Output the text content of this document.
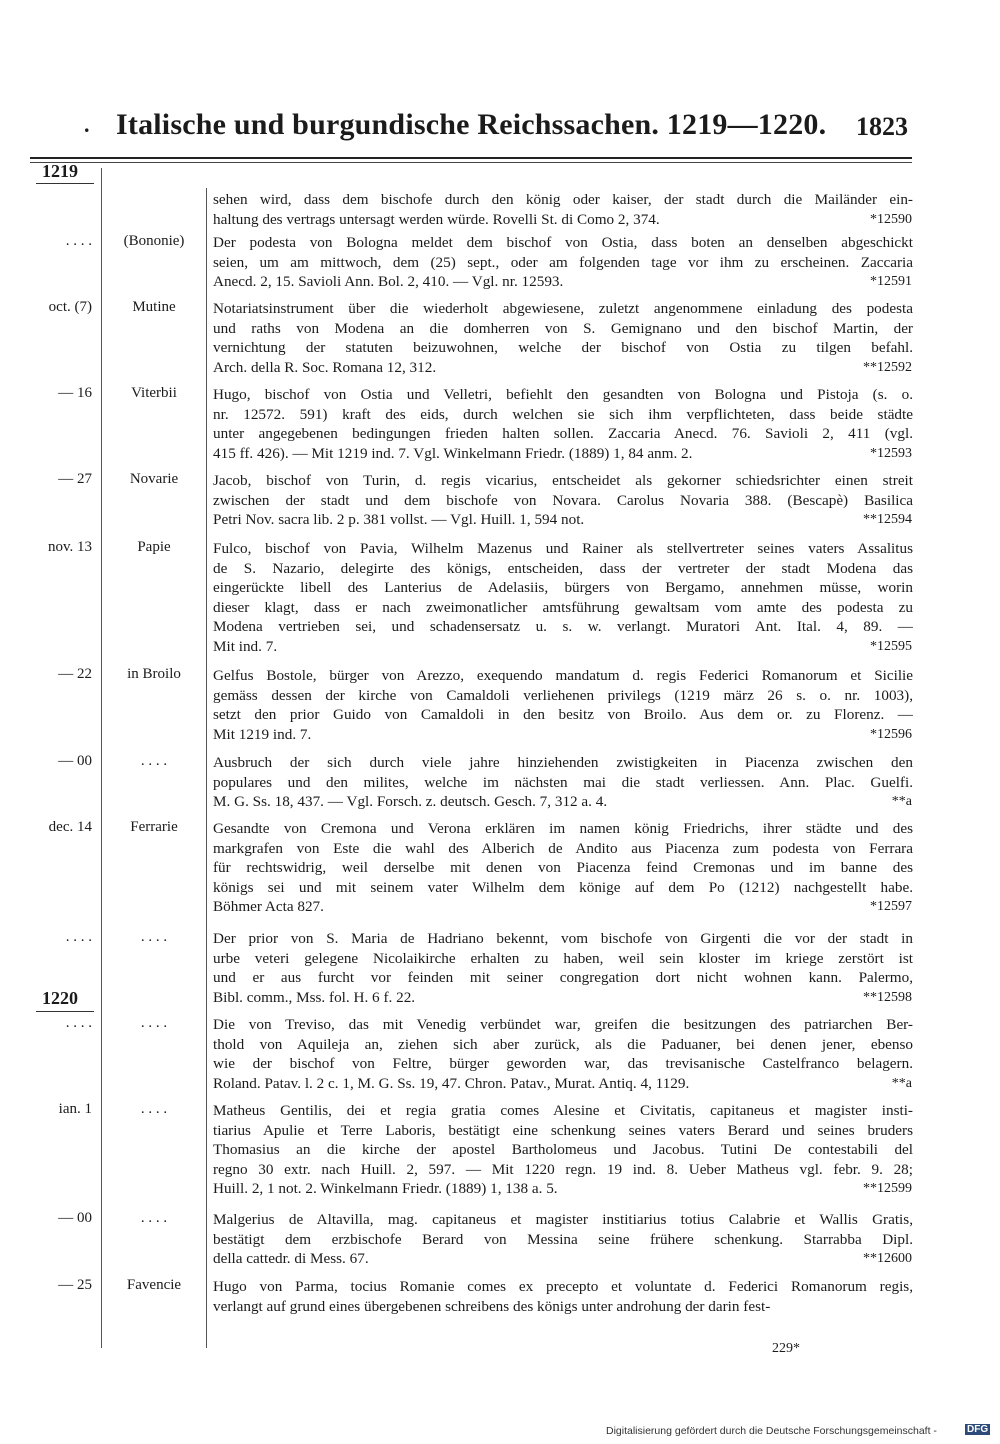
. Italische und burgundische Reichssachen. 1219—1220.	1823
1219
1220
sehen wird, dass dem bischofe durch den könig oder kaiser, der stadt durch die Mailänder ein-
haltung des vertrags untersagt werden würde. Rovelli St. di Como 2, 374.	*12590
. . . .	(Bononie)	Der podesta von Bologna meldet dem bischof von Ostia, dass boten an denselben abgeschickt
seien, um am mittwoch, dem (25) sept., oder am folgenden tage vor ihm zu erscheinen. Zaccaria
Anecd. 2, 15. Savioli Ann. Bol. 2, 410. — Vgl. nr. 12593.	*12591
oct. (7)	Mutine	Notariatsinstrument über die wiederholt abgewiesene, zuletzt angenommene einladung des podesta
und raths von Modena an die domherren von S. Gemignano und den bischof Martin, der
vernichtung der statuten beizuwohnen, welche der bischof von Ostia zu tilgen befahl.
Arch. della R. Soc. Romana 12, 312.	**12592
— 16	Viterbii	Hugo, bischof von Ostia und Velletri, befiehlt den gesandten von Bologna und Pistoja (s. o.
nr. 12572. 591) kraft des eids, durch welchen sie sich ihm verpflichteten, dass beide städte
unter angegebenen bedingungen frieden halten sollen. Zaccaria Anecd. 76. Savioli 2, 411 (vgl.
415 ff. 426). — Mit 1219 ind. 7. Vgl. Winkelmann Friedr. (1889) 1, 84 anm. 2.	*12593
— 27	Novarie	Jacob, bischof von Turin, d. regis vicarius, entscheidet als gekorner schiedsrichter einen streit
zwischen der stadt und dem bischofe von Novara. Carolus Novaria 388. (Bescapè) Basilica
Petri Nov. sacra lib. 2 p. 381 vollst. — Vgl. Huill. 1, 594 not.	**12594
nov. 13	Papie	Fulco, bischof von Pavia, Wilhelm Mazenus und Rainer als stellvertreter seines vaters Assalitus
de S. Nazario, delegirte des königs, entscheiden, dass der vertreter der stadt Modena das
eingerückte libell des Lanterius de Adelasiis, bürgers von Bergamo, annehmen müsse, worin
dieser klagt, dass er nach zweimonatlicher amtsführung gewaltsam vom amte des podesta zu
Modena vertrieben sei, und schadensersatz u. s. w. verlangt. Muratori Ant. Ital. 4, 89. —
Mit ind. 7.	*12595
— 22	in Broilo	Gelfus Bostole, bürger von Arezzo, exequendo mandatum d. regis Federici Romanorum et Sicilie
gemäss dessen der kirche von Camaldoli verliehenen privilegs (1219 märz 26 s. o. nr. 1003),
setzt den prior Guido von Camaldoli in den besitz von Broilo. Aus dem or. zu Florenz. —
Mit 1219 ind. 7.	*12596
— 00	. . . .	Ausbruch der sich durch viele jahre hinziehenden zwistigkeiten in Piacenza zwischen den
populares und den milites, welche im nächsten mai die stadt verliessen. Ann. Plac. Guelfi.
M. G. Ss. 18, 437. — Vgl. Forsch. z. deutsch. Gesch. 7, 312 a. 4.	**a
dec. 14	Ferrarie	Gesandte von Cremona und Verona erklären im namen könig Friedrichs, ihrer städte und des
markgrafen von Este die wahl des Alberich de Andito aus Piacenza zum podesta von Ferrara
für rechtswidrig, weil derselbe mit denen von Piacenza feind Cremonas und im banne des
königs sei und mit seinem vater Wilhelm dem könige auf dem Po (1212) nachgestellt habe.
Böhmer Acta 827.	*12597
. . . .	. . . .	Der prior von S. Maria de Hadriano bekennt, vom bischofe von Girgenti die vor der stadt in
urbe veteri gelegene Nicolaikirche erhalten zu haben, weil sein kloster im kriege zerstört ist
und er aus furcht vor feinden mit seiner congregation dort nicht wohnen kann. Palermo,
Bibl. comm., Mss. fol. H. 6 f. 22.	**12598
. . . .	. . . .	Die von Treviso, das mit Venedig verbündet war, greifen die besitzungen des patriarchen Ber-
thold von Aquileja an, ziehen sich aber zurück, als die Paduaner, bei denen jener, ebenso
wie der bischof von Feltre, bürger geworden war, das trevisanische Castelfranco belagern.
Roland. Patav. l. 2 c. 1, M. G. Ss. 19, 47. Chron. Patav., Murat. Antiq. 4, 1129.	**a
ian. 1	. . . .	Matheus Gentilis, dei et regia gratia comes Alesine et Civitatis, capitaneus et magister insti-
tiarius Apulie et Terre Laboris, bestätigt eine schenkung seines vaters Berard und seines bruders
Thomasius an die kirche der apostel Bartholomeus und Jacobus. Tutini De contestabili del
regno 30 extr. nach Huill. 2, 597. — Mit 1220 regn. 19 ind. 8. Ueber Matheus vgl. febr. 9. 28;
Huill. 2, 1 not. 2. Winkelmann Friedr. (1889) 1, 138 a. 5.	**12599
— 00	. . . .	Malgerius de Altavilla, mag. capitaneus et magister institiarius totius Calabrie et Wallis Gratis,
bestätigt dem erzbischofe Berard von Messina seine frühere schenkung. Starrabba Dipl.
della cattedr. di Mess. 67.	**12600
— 25	Favencie	Hugo von Parma, tocius Romanie comes ex precepto et voluntate d. Federici Romanorum regis,
verlangt auf grund eines übergebenen schreibens des königs unter androhung der darin fest-
229*
Digitalisierung gefördert durch die Deutsche Forschungsgemeinschaft -	DFG
